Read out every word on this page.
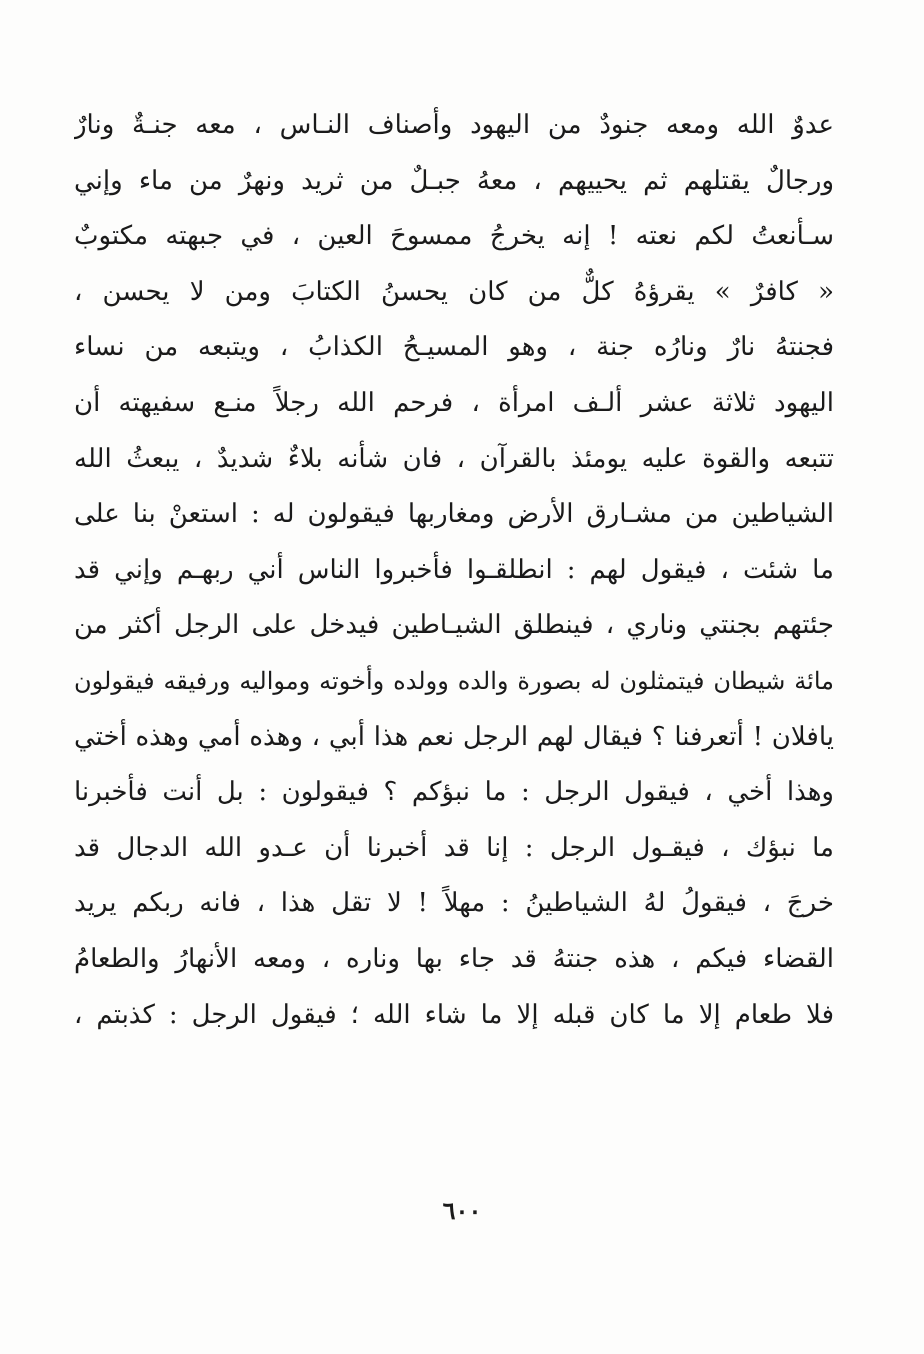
عدوٌ الله ومعه جنودٌ من اليهود وأصناف النـاس ، معه جنـةٌ ونارٌ
ورجالٌ يقتلهم ثم يحييهم ، معهُ جبـلٌ من ثريد ونهرٌ من ماء وإني
سـأنعتُ لكم نعته ! إنه يخرجُ ممسوحَ العين ، في جبهته مكتوبٌ
« كافرٌ » يقرؤهُ كلٌّ من كان يحسنُ الكتابَ ومن لا يحسن ،
فجنتهُ نارٌ ونارُه جنة ، وهو المسيـحُ الكذابُ ، ويتبعه من نساء
اليهود ثلاثة عشر ألـف امرأة ، فرحم الله رجلاً منـع سفيهته أن
تتبعه والقوة عليه يومئذ بالقرآن ، فان شأنه بلاءٌ شديدٌ ، يبعثُ الله
الشياطين من مشـارق الأرض ومغاربها فيقولون له : استعنْ بنا على
ما شئت ، فيقول لهم : انطلقـوا فأخبروا الناس أني ربهـم وإني قد
جئتهم بجنتي وناري ، فينطلق الشيـاطين فيدخل على الرجل أكثر من
مائة شيطان فيتمثلون له بصورة والده وولده وأخوته ومواليه ورفيقه فيقولون
يافلان ! أتعرفنا ؟ فيقال لهم الرجل نعم هذا أبي ، وهذه أمي وهذه أختي
وهذا أخي ، فيقول الرجل : ما نبؤكم ؟ فيقولون : بل أنت فأخبرنا
ما نبؤك ، فيقـول الرجل : إنا قد أخبرنا أن عـدو الله الدجال قد
خرجَ ، فيقولُ لهُ الشياطينُ : مهلاً ! لا تقل هذا ، فانه ربكم يريد
القضاء فيكم ، هذه جنتهُ قد جاء بها وناره ، ومعه الأنهارُ والطعامُ
فلا طعام إلا ما كان قبله إلا ما شاء الله ؛ فيقول الرجل : كذبتم ،
٦٠٠
